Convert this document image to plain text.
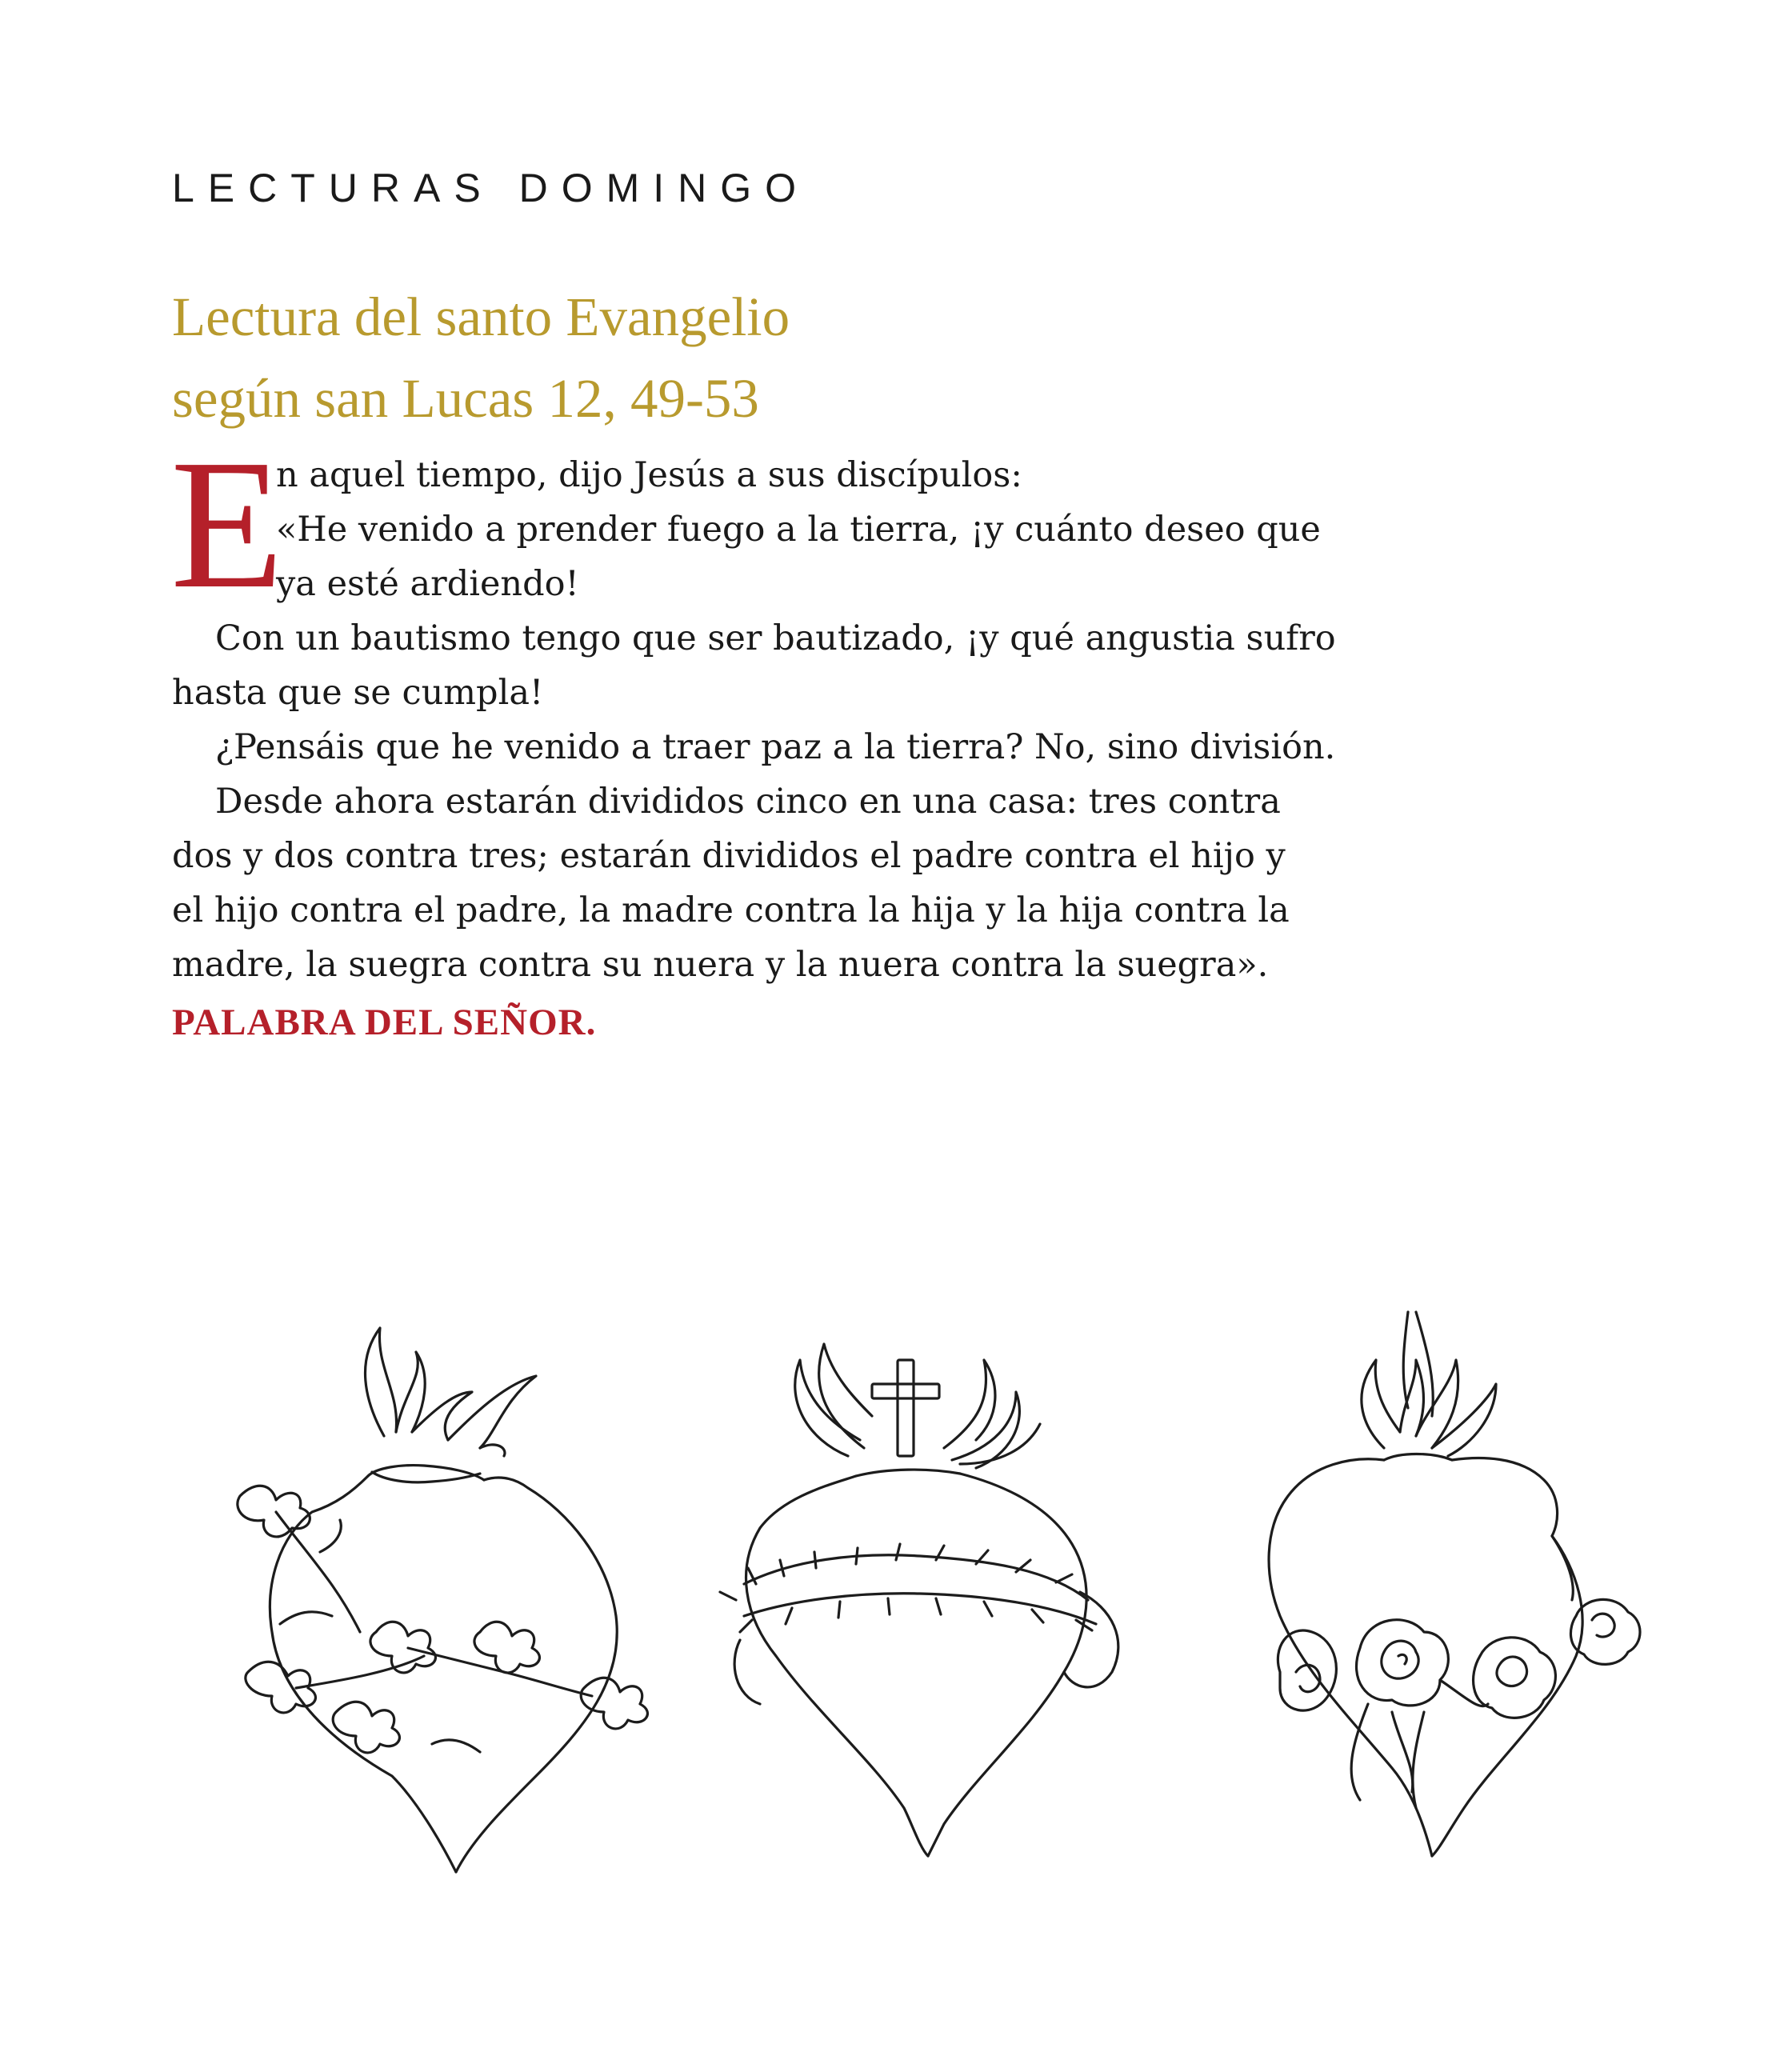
LECTURAS DOMINGO
Lectura del santo Evangelio
según san Lucas 12, 49-53
E
n aquel tiempo, dijo Jesús a sus discípulos:
«He venido a prender fuego a la tierra, ¡y cuánto deseo que
ya esté ardiendo!
Con un bautismo tengo que ser bautizado, ¡y qué angustia sufro
hasta que se cumpla!
¿Pensáis que he venido a traer paz a la tierra? No, sino división.
Desde ahora estarán divididos cinco en una casa: tres contra
dos y dos contra tres; estarán divididos el padre contra el hijo y
el hijo contra el padre, la madre contra la hija y la hija contra la
madre, la suegra contra su nuera y la nuera contra la suegra».
PALABRA DEL SEÑOR.
